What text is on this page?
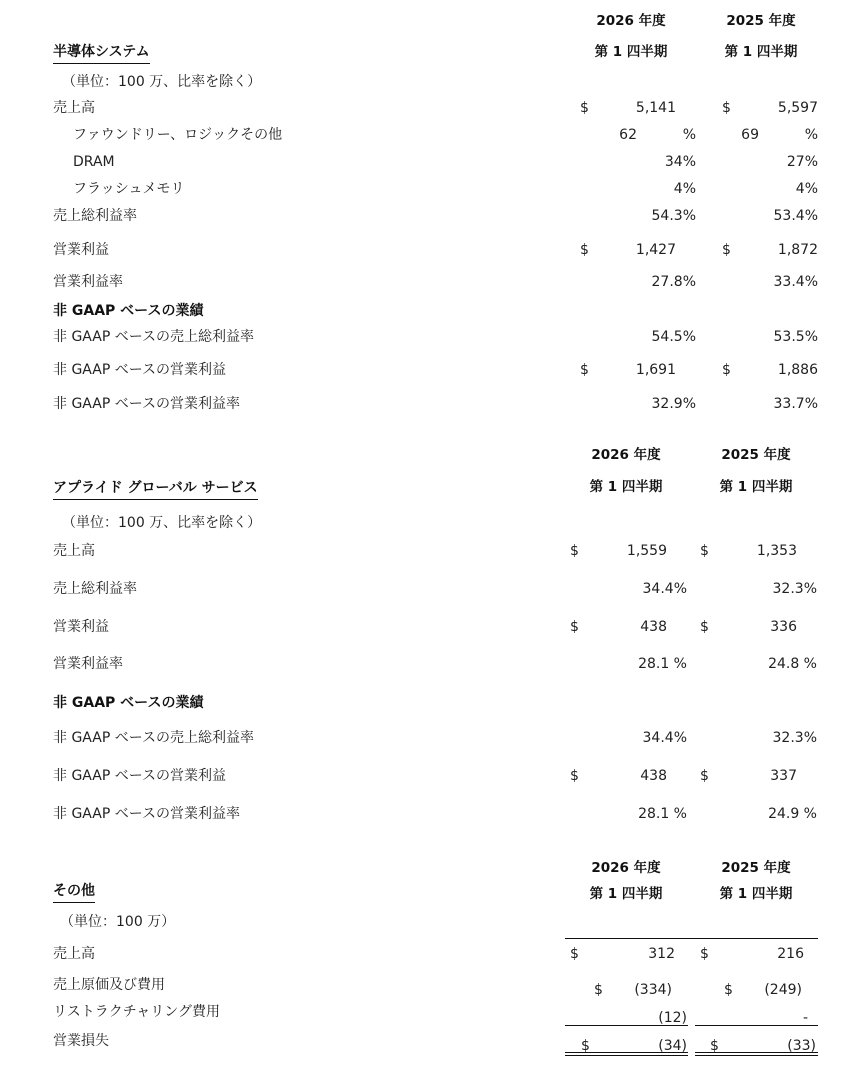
2026 年度	2025 年度
第 1 四半期	第 1 四半期
半導体システム
（単位：100 万、比率を除く）
売上高	$	5,141	$	5,597
ファウンドリー、ロジックその他	62	%	69	%
DRAM	34%	27%
フラッシュメモリ	4%	4%
売上総利益率	54.3%	53.4%
営業利益	$	1,427	$	1,872
営業利益率	27.8%	33.4%
非 GAAP ベースの業績
非 GAAP ベースの売上総利益率	54.5%	53.5%
非 GAAP ベースの営業利益	$	1,691	$	1,886
非 GAAP ベースの営業利益率	32.9%	33.7%
2026 年度	2025 年度
第 1 四半期	第 1 四半期
アプライド グローバル サービス
（単位：100 万、比率を除く）
売上高	$	1,559 $	1,353
売上総利益率	34.4%	32.3%
営業利益	$	438 $	336
営業利益率	28.1 %	24.8 %
非 GAAP ベースの業績
非 GAAP ベースの売上総利益率	34.4%	32.3%
非 GAAP ベースの営業利益	$	438 $	337
非 GAAP ベースの営業利益率	28.1 %	24.9 %
2026 年度	2025 年度
第 1 四半期	第 1 四半期
その他
（単位：100 万）
売上高	$	312 $	216
売上原価及び費用	$	(334)	$	(249)
リストラクチャリング費用	(12)	-
営業損失	$	(34) $	(33)
